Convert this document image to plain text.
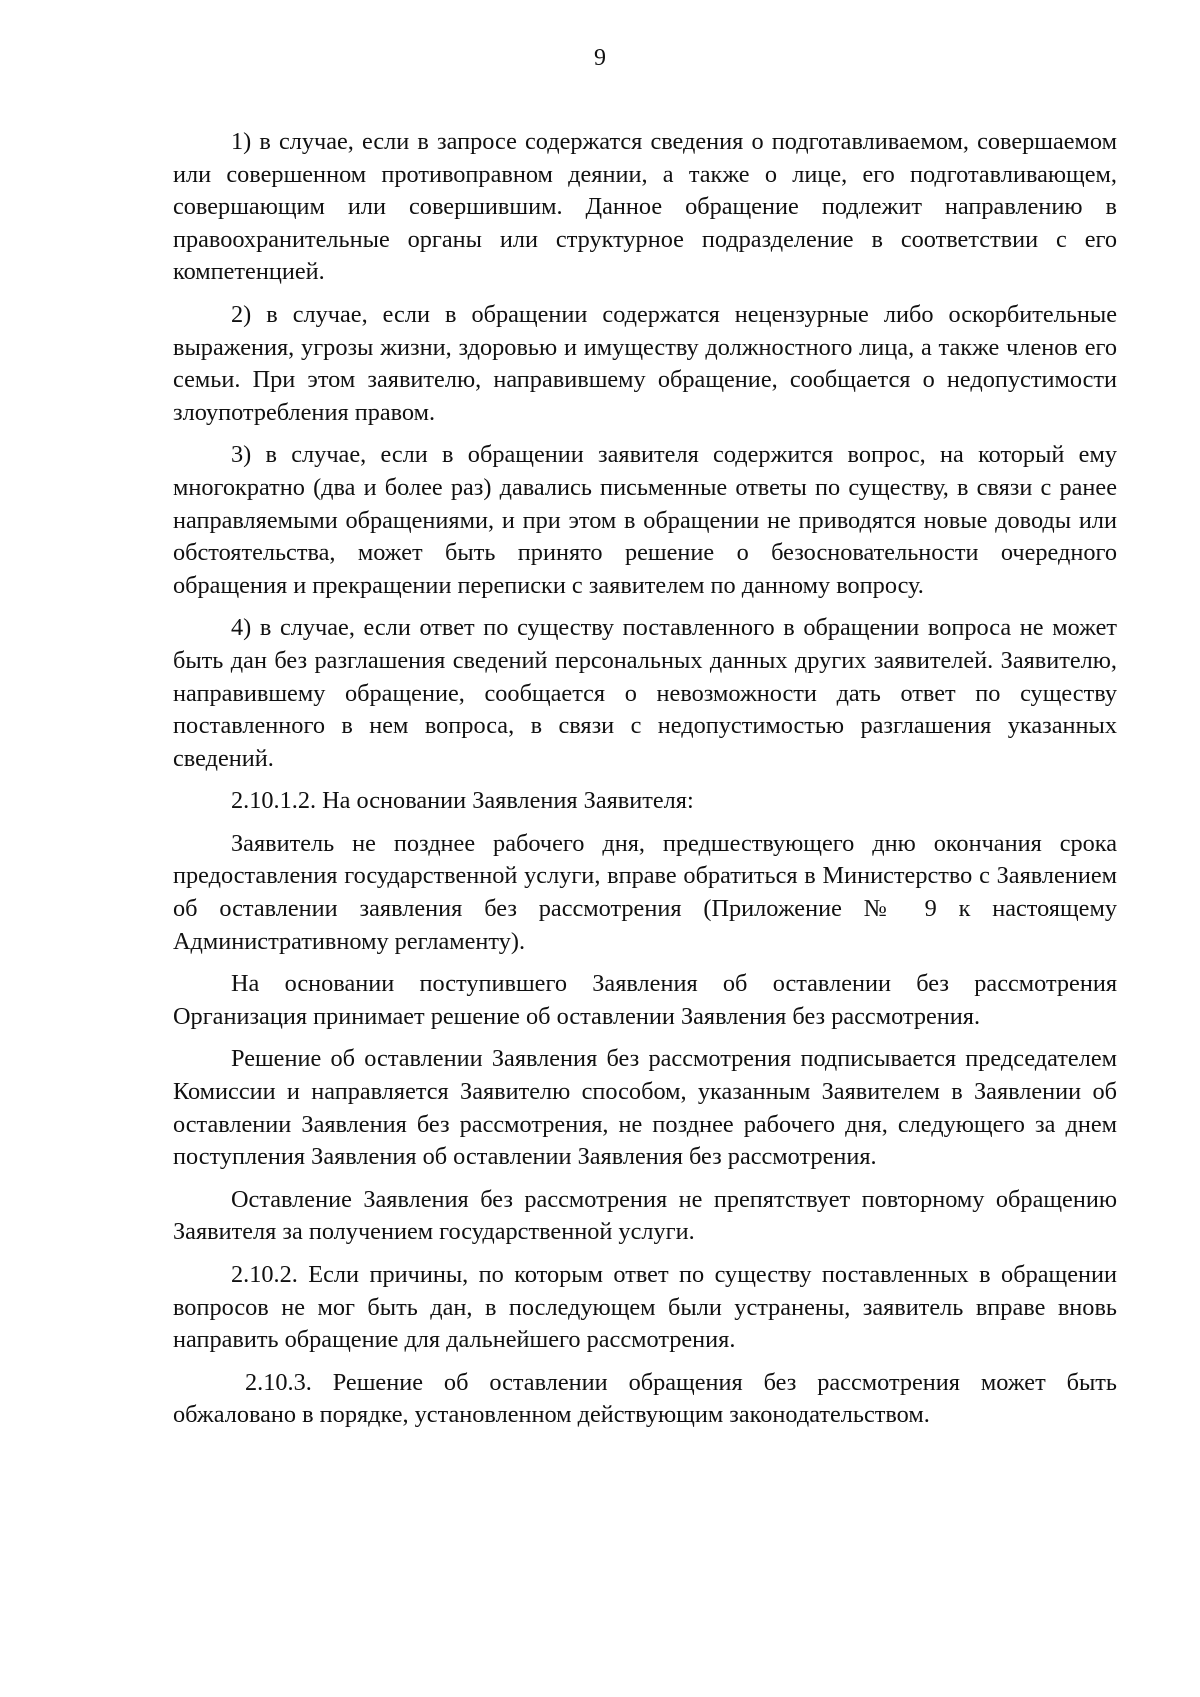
9

1) в случае, если в запросе содержатся сведения о подготавливаемом, совершаемом или совершенном противоправном деянии, а также о лице, его подготавливающем, совершающим или совершившим. Данное обращение подлежит направлению в правоохранительные органы или структурное подразделение в соответствии с его компетенцией.

2) в случае, если в обращении содержатся нецензурные либо оскорбительные выражения, угрозы жизни, здоровью и имуществу должностного лица, а также членов его семьи. При этом заявителю, направившему обращение, сообщается о недопустимости злоупотребления правом.

3) в случае, если в обращении заявителя содержится вопрос, на который ему многократно (два и более раз) давались письменные ответы по существу, в связи с ранее направляемыми обращениями, и при этом в обращении не приводятся новые доводы или обстоятельства, может быть принято решение о безосновательности очередного обращения и прекращении переписки с заявителем по данному вопросу.

4) в случае, если ответ по существу поставленного в обращении вопроса не может быть дан без разглашения сведений персональных данных других заявителей. Заявителю, направившему обращение, сообщается о невозможности дать ответ по существу поставленного в нем вопроса, в связи с недопустимостью разглашения указанных сведений.

2.10.1.2. На основании Заявления Заявителя:

Заявитель не позднее рабочего дня, предшествующего дню окончания срока предоставления государственной услуги, вправе обратиться в Министерство с Заявлением об оставлении заявления без рассмотрения (Приложение № 9 к настоящему Административному регламенту).

На основании поступившего Заявления об оставлении без рассмотрения Организация принимает решение об оставлении Заявления без рассмотрения.

Решение об оставлении Заявления без рассмотрения подписывается председателем Комиссии и направляется Заявителю способом, указанным Заявителем в Заявлении об оставлении Заявления без рассмотрения, не позднее рабочего дня, следующего за днем поступления Заявления об оставлении Заявления без рассмотрения.

Оставление Заявления без рассмотрения не препятствует повторному обращению Заявителя за получением государственной услуги.

2.10.2. Если причины, по которым ответ по существу поставленных в обращении вопросов не мог быть дан, в последующем были устранены, заявитель вправе вновь направить обращение для дальнейшего рассмотрения.

2.10.3. Решение об оставлении обращения без рассмотрения может быть обжаловано в порядке, установленном действующим законодательством.
